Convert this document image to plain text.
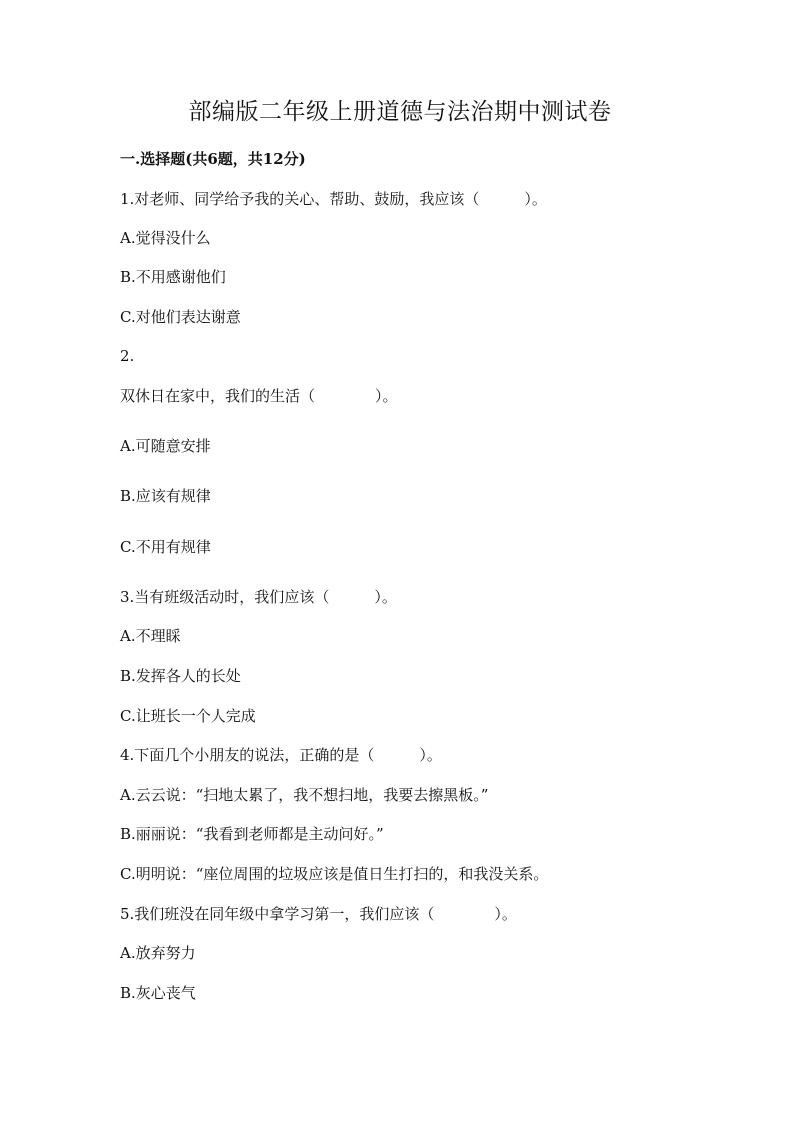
部编版二年级上册道德与法治期中测试卷
一.选择题(共6题，共12分)
1.对老师、同学给予我的关心、帮助、鼓励，我应该（　　　）。
A.觉得没什么
B.不用感谢他们
C.对他们表达谢意
2.
双休日在家中，我们的生活（　　　　）。
A.可随意安排
B.应该有规律
C.不用有规律
3.当有班级活动时，我们应该（　　　）。
A.不理睬
B.发挥各人的长处
C.让班长一个人完成
4.下面几个小朋友的说法，正确的是（　　　）。
A.云云说：“扫地太累了，我不想扫地，我要去擦黑板。”
B.丽丽说：“我看到老师都是主动问好。”
C.明明说：“座位周围的垃圾应该是值日生打扫的，和我没关系。
5.我们班没在同年级中拿学习第一，我们应该（　　　　）。
A.放弃努力
B.灰心丧气
